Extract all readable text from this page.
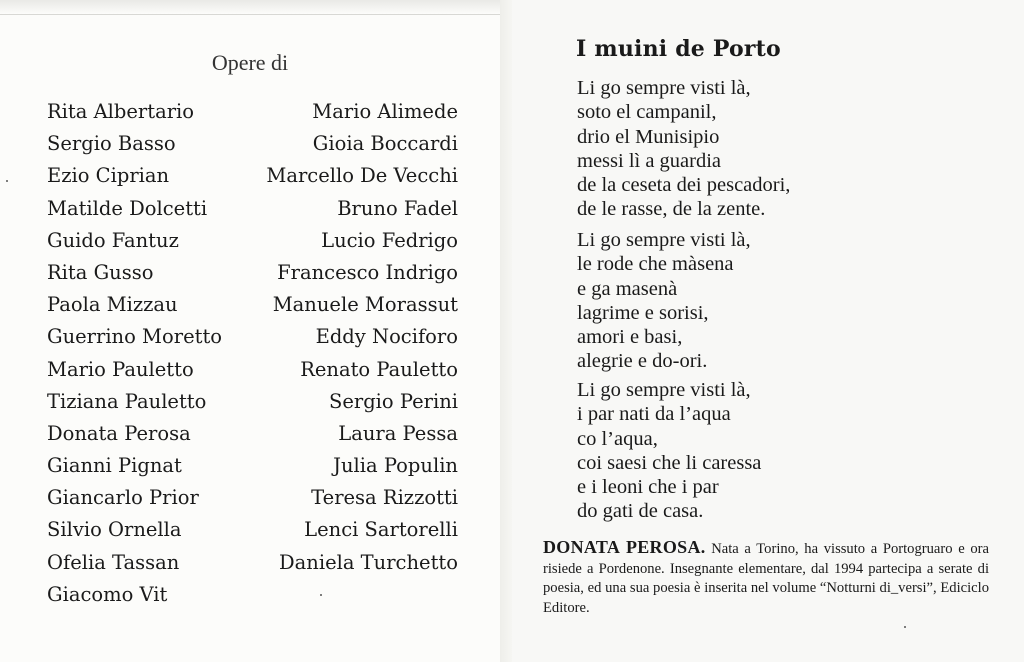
Opere di
Rita Albertario
Sergio Basso
Ezio Ciprian
Matilde Dolcetti
Guido Fantuz
Rita Gusso
Paola Mizzau
Guerrino Moretto
Mario Pauletto
Tiziana Pauletto
Donata Perosa
Gianni Pignat
Giancarlo Prior
Silvio Ornella
Ofelia Tassan
Giacomo Vit
Mario Alimede
Gioia Boccardi
Marcello De Vecchi
Bruno Fadel
Lucio Fedrigo
Francesco Indrigo
Manuele Morassut
Eddy Nociforo
Renato Pauletto
Sergio Perini
Laura Pessa
Julia Populin
Teresa Rizzotti
Lenci Sartorelli
Daniela Turchetto
I muini de Porto
Li go sempre visti là,
soto el campanil,
drio el Munisipio
messi lì a guardia
de la ceseta dei pescadori,
de le rasse, de la zente.
Li go sempre visti là,
le rode che màsena
e ga masenà
lagrime e sorisi,
amori e basi,
alegrie e do-ori.
Li go sempre visti là,
i par nati da l’aqua
co l’aqua,
coi saesi che li caressa
e i leoni che i par
do gati de casa.
DONATA PEROSA. Nata a Torino, ha vissuto a Portogruaro e ora risiede a Pordenone. Insegnante elementare, dal 1994 partecipa a serate di poesia, ed una sua poesia è inserita nel volume “Notturni di_versi”, Ediciclo Editore.
